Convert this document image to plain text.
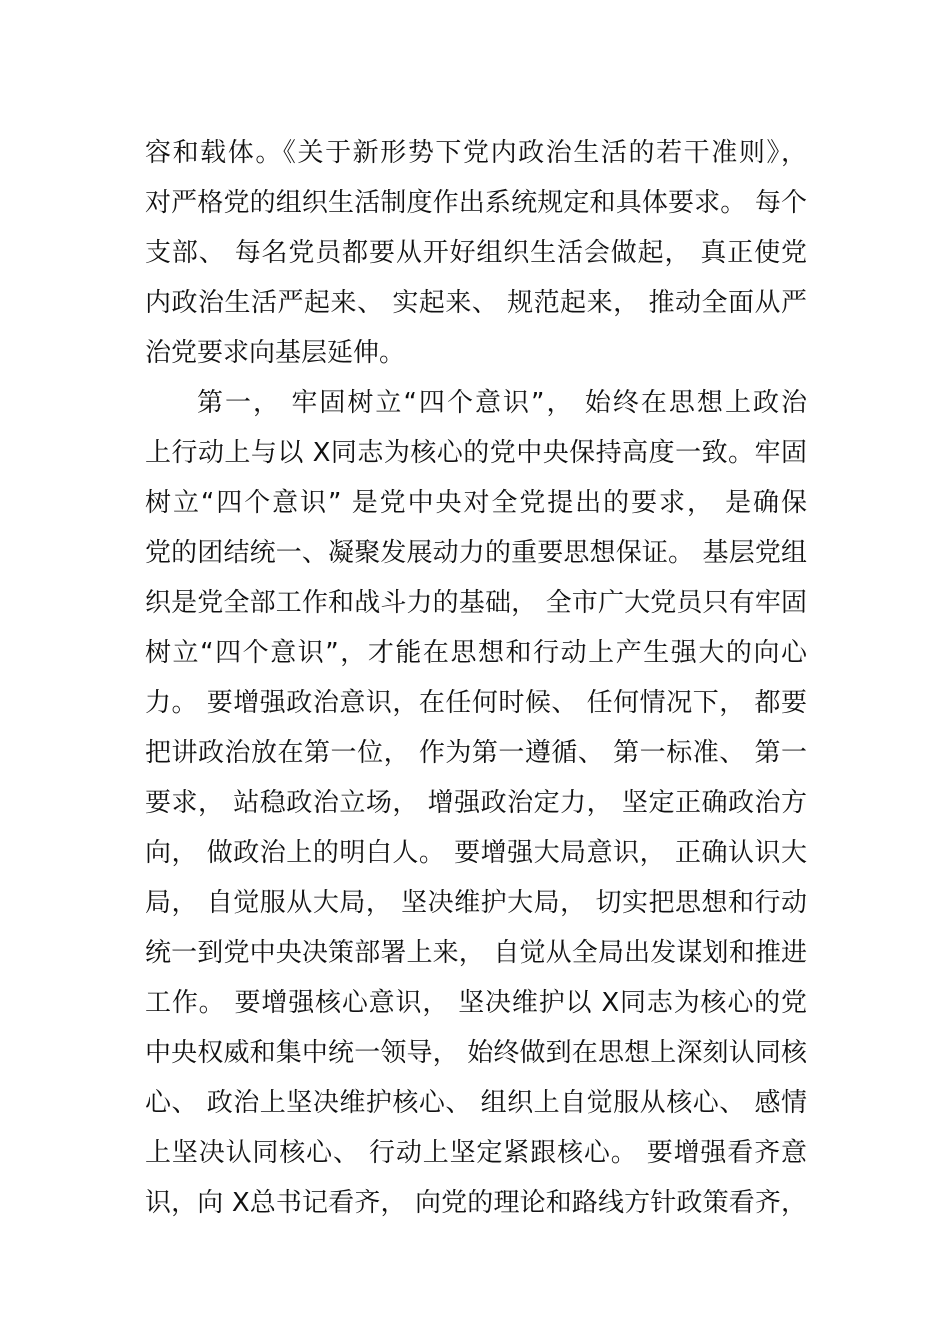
容和载体。《关于新形势下党内政治生活的若干准则》，
对严格党的组织生活制度作出系统规定和具体要求。 每个
支部、 每名党员都要从开好组织生活会做起， 真正使党
内政治生活严起来、 实起来、 规范起来， 推动全面从严
治党要求向基层延伸。
第一， 牢固树立“四个意识”， 始终在思想上政治
上行动上与以 X同志为核心的党中央保持高度一致。牢固
树立“四个意识” 是党中央对全党提出的要求， 是确保
党的团结统一、凝聚发展动力的重要思想保证。 基层党组
织是党全部工作和战斗力的基础， 全市广大党员只有牢固
树立“四个意识”，才能在思想和行动上产生强大的向心
力。 要增强政治意识，在任何时候、 任何情况下， 都要
把讲政治放在第一位， 作为第一遵循、 第一标准、 第一
要求， 站稳政治立场， 增强政治定力， 坚定正确政治方
向， 做政治上的明白人。 要增强大局意识， 正确认识大
局， 自觉服从大局， 坚决维护大局， 切实把思想和行动
统一到党中央决策部署上来， 自觉从全局出发谋划和推进
工作。 要增强核心意识， 坚决维护以 X同志为核心的党
中央权威和集中统一领导， 始终做到在思想上深刻认同核
心、 政治上坚决维护核心、 组织上自觉服从核心、 感情
上坚决认同核心、 行动上坚定紧跟核心。 要增强看齐意
识，向 X总书记看齐， 向党的理论和路线方针政策看齐，
